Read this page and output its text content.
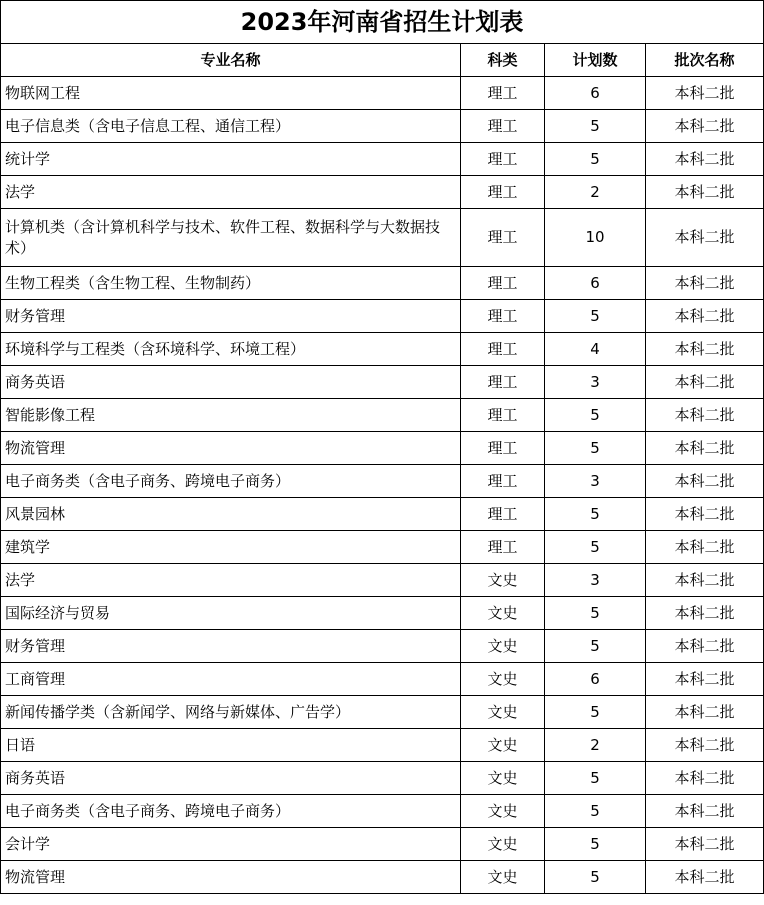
2023年河南省招生计划表			
专业名称	科类	计划数	批次名称
物联网工程	理工	6	本科二批
电子信息类（含电子信息工程、通信工程）	理工	5	本科二批
统计学	理工	5	本科二批
法学	理工	2	本科二批
计算机类（含计算机科学与技术、软件工程、数据科学与大数据技术）	理工	10	本科二批
生物工程类（含生物工程、生物制药）	理工	6	本科二批
财务管理	理工	5	本科二批
环境科学与工程类（含环境科学、环境工程）	理工	4	本科二批
商务英语	理工	3	本科二批
智能影像工程	理工	5	本科二批
物流管理	理工	5	本科二批
电子商务类（含电子商务、跨境电子商务）	理工	3	本科二批
风景园林	理工	5	本科二批
建筑学	理工	5	本科二批
法学	文史	3	本科二批
国际经济与贸易	文史	5	本科二批
财务管理	文史	5	本科二批
工商管理	文史	6	本科二批
新闻传播学类（含新闻学、网络与新媒体、广告学）	文史	5	本科二批
日语	文史	2	本科二批
商务英语	文史	5	本科二批
电子商务类（含电子商务、跨境电子商务）	文史	5	本科二批
会计学	文史	5	本科二批
物流管理	文史	5	本科二批
